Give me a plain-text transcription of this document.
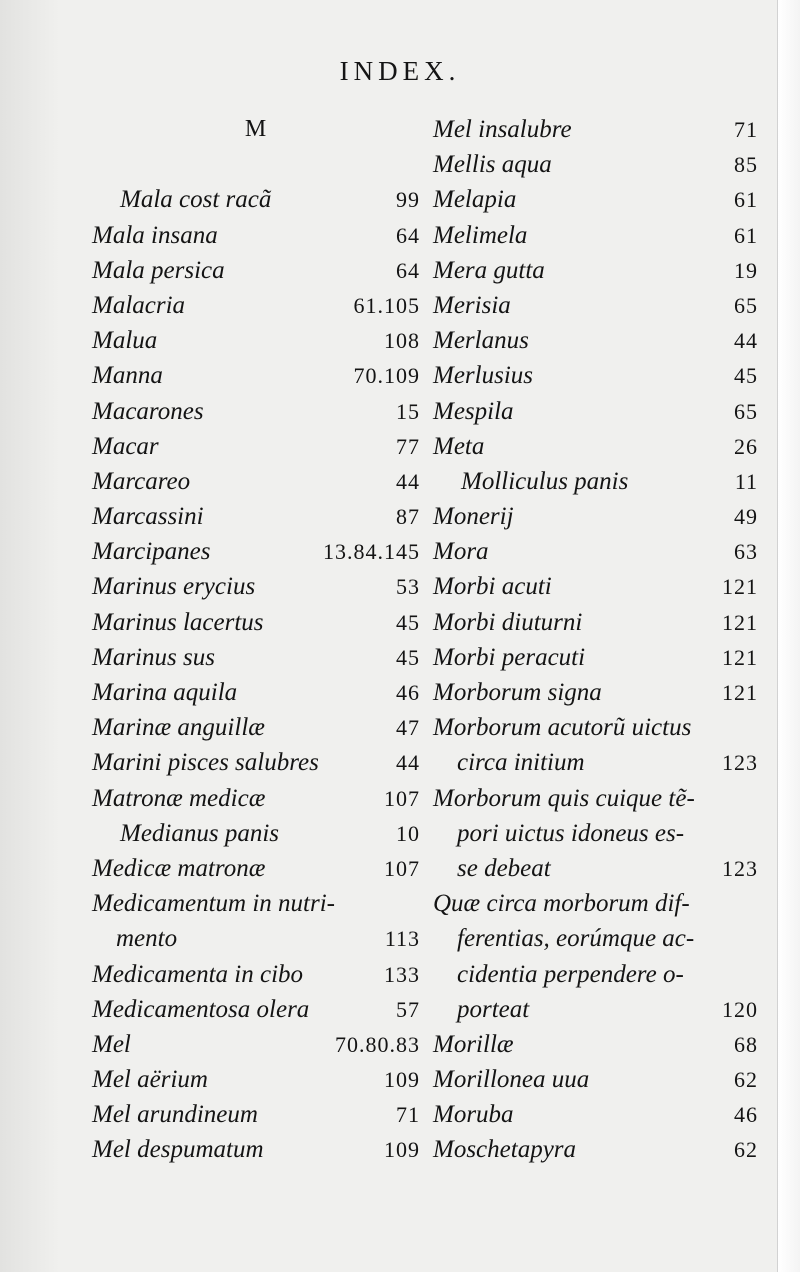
INDEX.
M
Mala cost racã	99
Mala insana	64
Mala persica	64
Malacria	61.105
Malua	108
Manna	70.109
Macarones	15
Macar	77
Marcareo	44
Marcassini	87
Marcipanes	13.84.145
Marinus erycius	53
Marinus lacertus	45
Marinus sus	45
Marina aquila	46
Marinæ anguillæ	47
Marini pisces salubres	44
Matronæ medicæ	107
Medianus panis	10
Medicæ matronæ	107
Medicamentum in nutri-
mento	113
Medicamenta in cibo	133
Medicamentosa olera	57
Mel	70.80.83
Mel aërium	109
Mel arundineum	71
Mel despumatum	109
Mel insalubre	71
Mellis aqua	85
Melapia	61
Melimela	61
Mera gutta	19
Merisia	65
Merlanus	44
Merlusius	45
Mespila	65
Meta	26
Molliculus panis	11
Monerij	49
Mora	63
Morbi acuti	121
Morbi diuturni	121
Morbi peracuti	121
Morborum signa	121
Morborum acutorũ uictus
circa initium	123
Morborum quis cuique tẽ-
pori uictus idoneus es-
se debeat	123
Quæ circa morborum dif-
ferentias, eorúmque ac-
cidentia perpendere o-
porteat	120
Morillæ	68
Morillonea uua	62
Moruba	46
Moschetapyra	62
